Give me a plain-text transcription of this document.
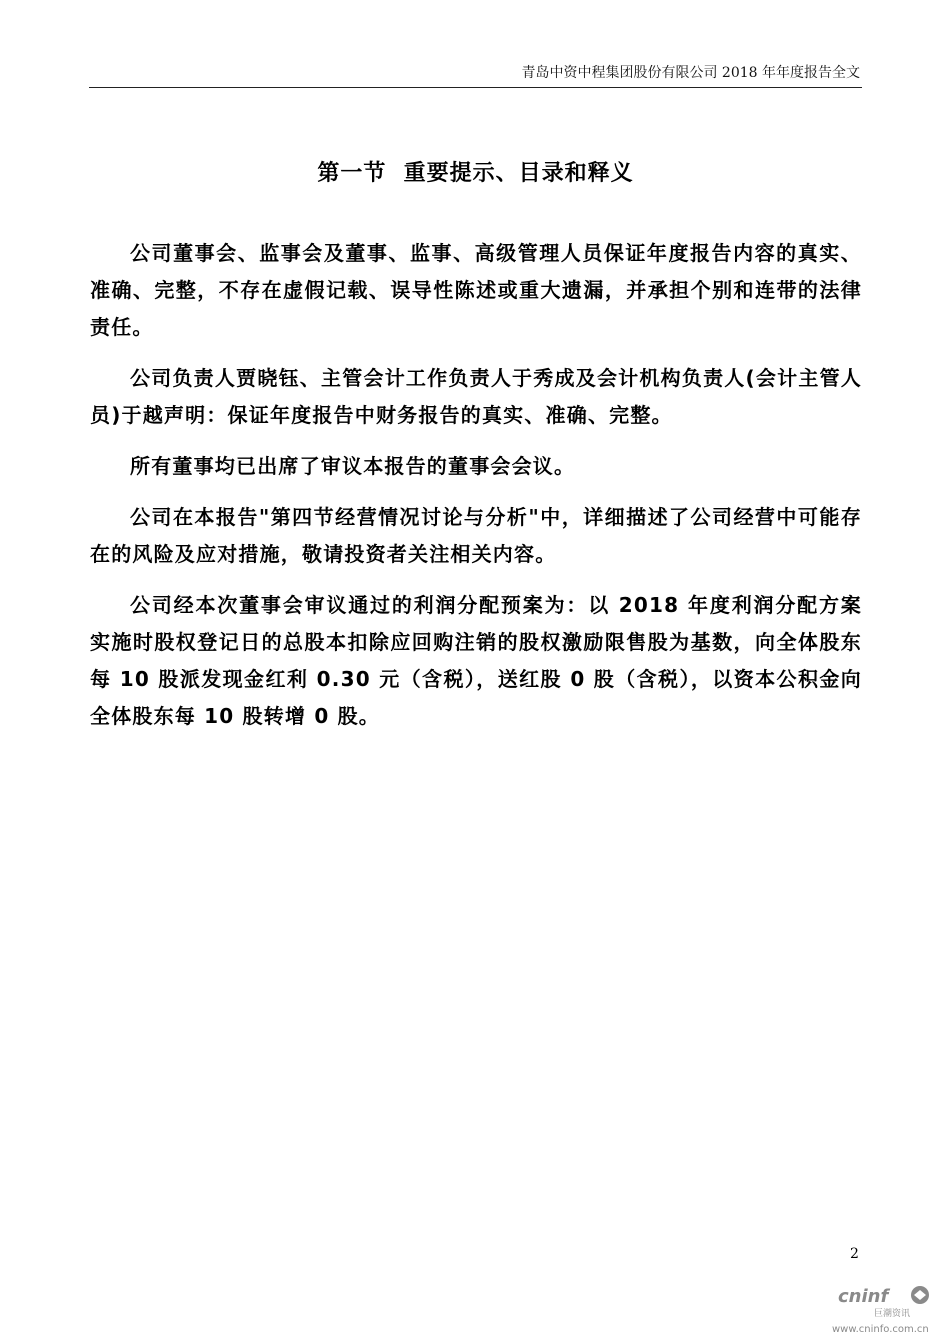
青岛中资中程集团股份有限公司 2018 年年度报告全文
第一节  重要提示、目录和释义

公司董事会、监事会及董事、监事、高级管理人员保证年度报告内容的真实、准确、完整，不存在虚假记载、误导性陈述或重大遗漏，并承担个别和连带的法律责任。

公司负责人贾晓钰、主管会计工作负责人于秀成及会计机构负责人(会计主管人员)于越声明：保证年度报告中财务报告的真实、准确、完整。

所有董事均已出席了审议本报告的董事会会议。

公司在本报告"第四节经营情况讨论与分析"中，详细描述了公司经营中可能存在的风险及应对措施，敬请投资者关注相关内容。

公司经本次董事会审议通过的利润分配预案为：以 2018 年度利润分配方案实施时股权登记日的总股本扣除应回购注销的股权激励限售股为基数，向全体股东每 10 股派发现金红利 0.30 元（含税），送红股 0 股（含税），以资本公积金向全体股东每 10 股转增 0 股。

2
cninf
巨潮资讯
www.cninfo.com.cn
